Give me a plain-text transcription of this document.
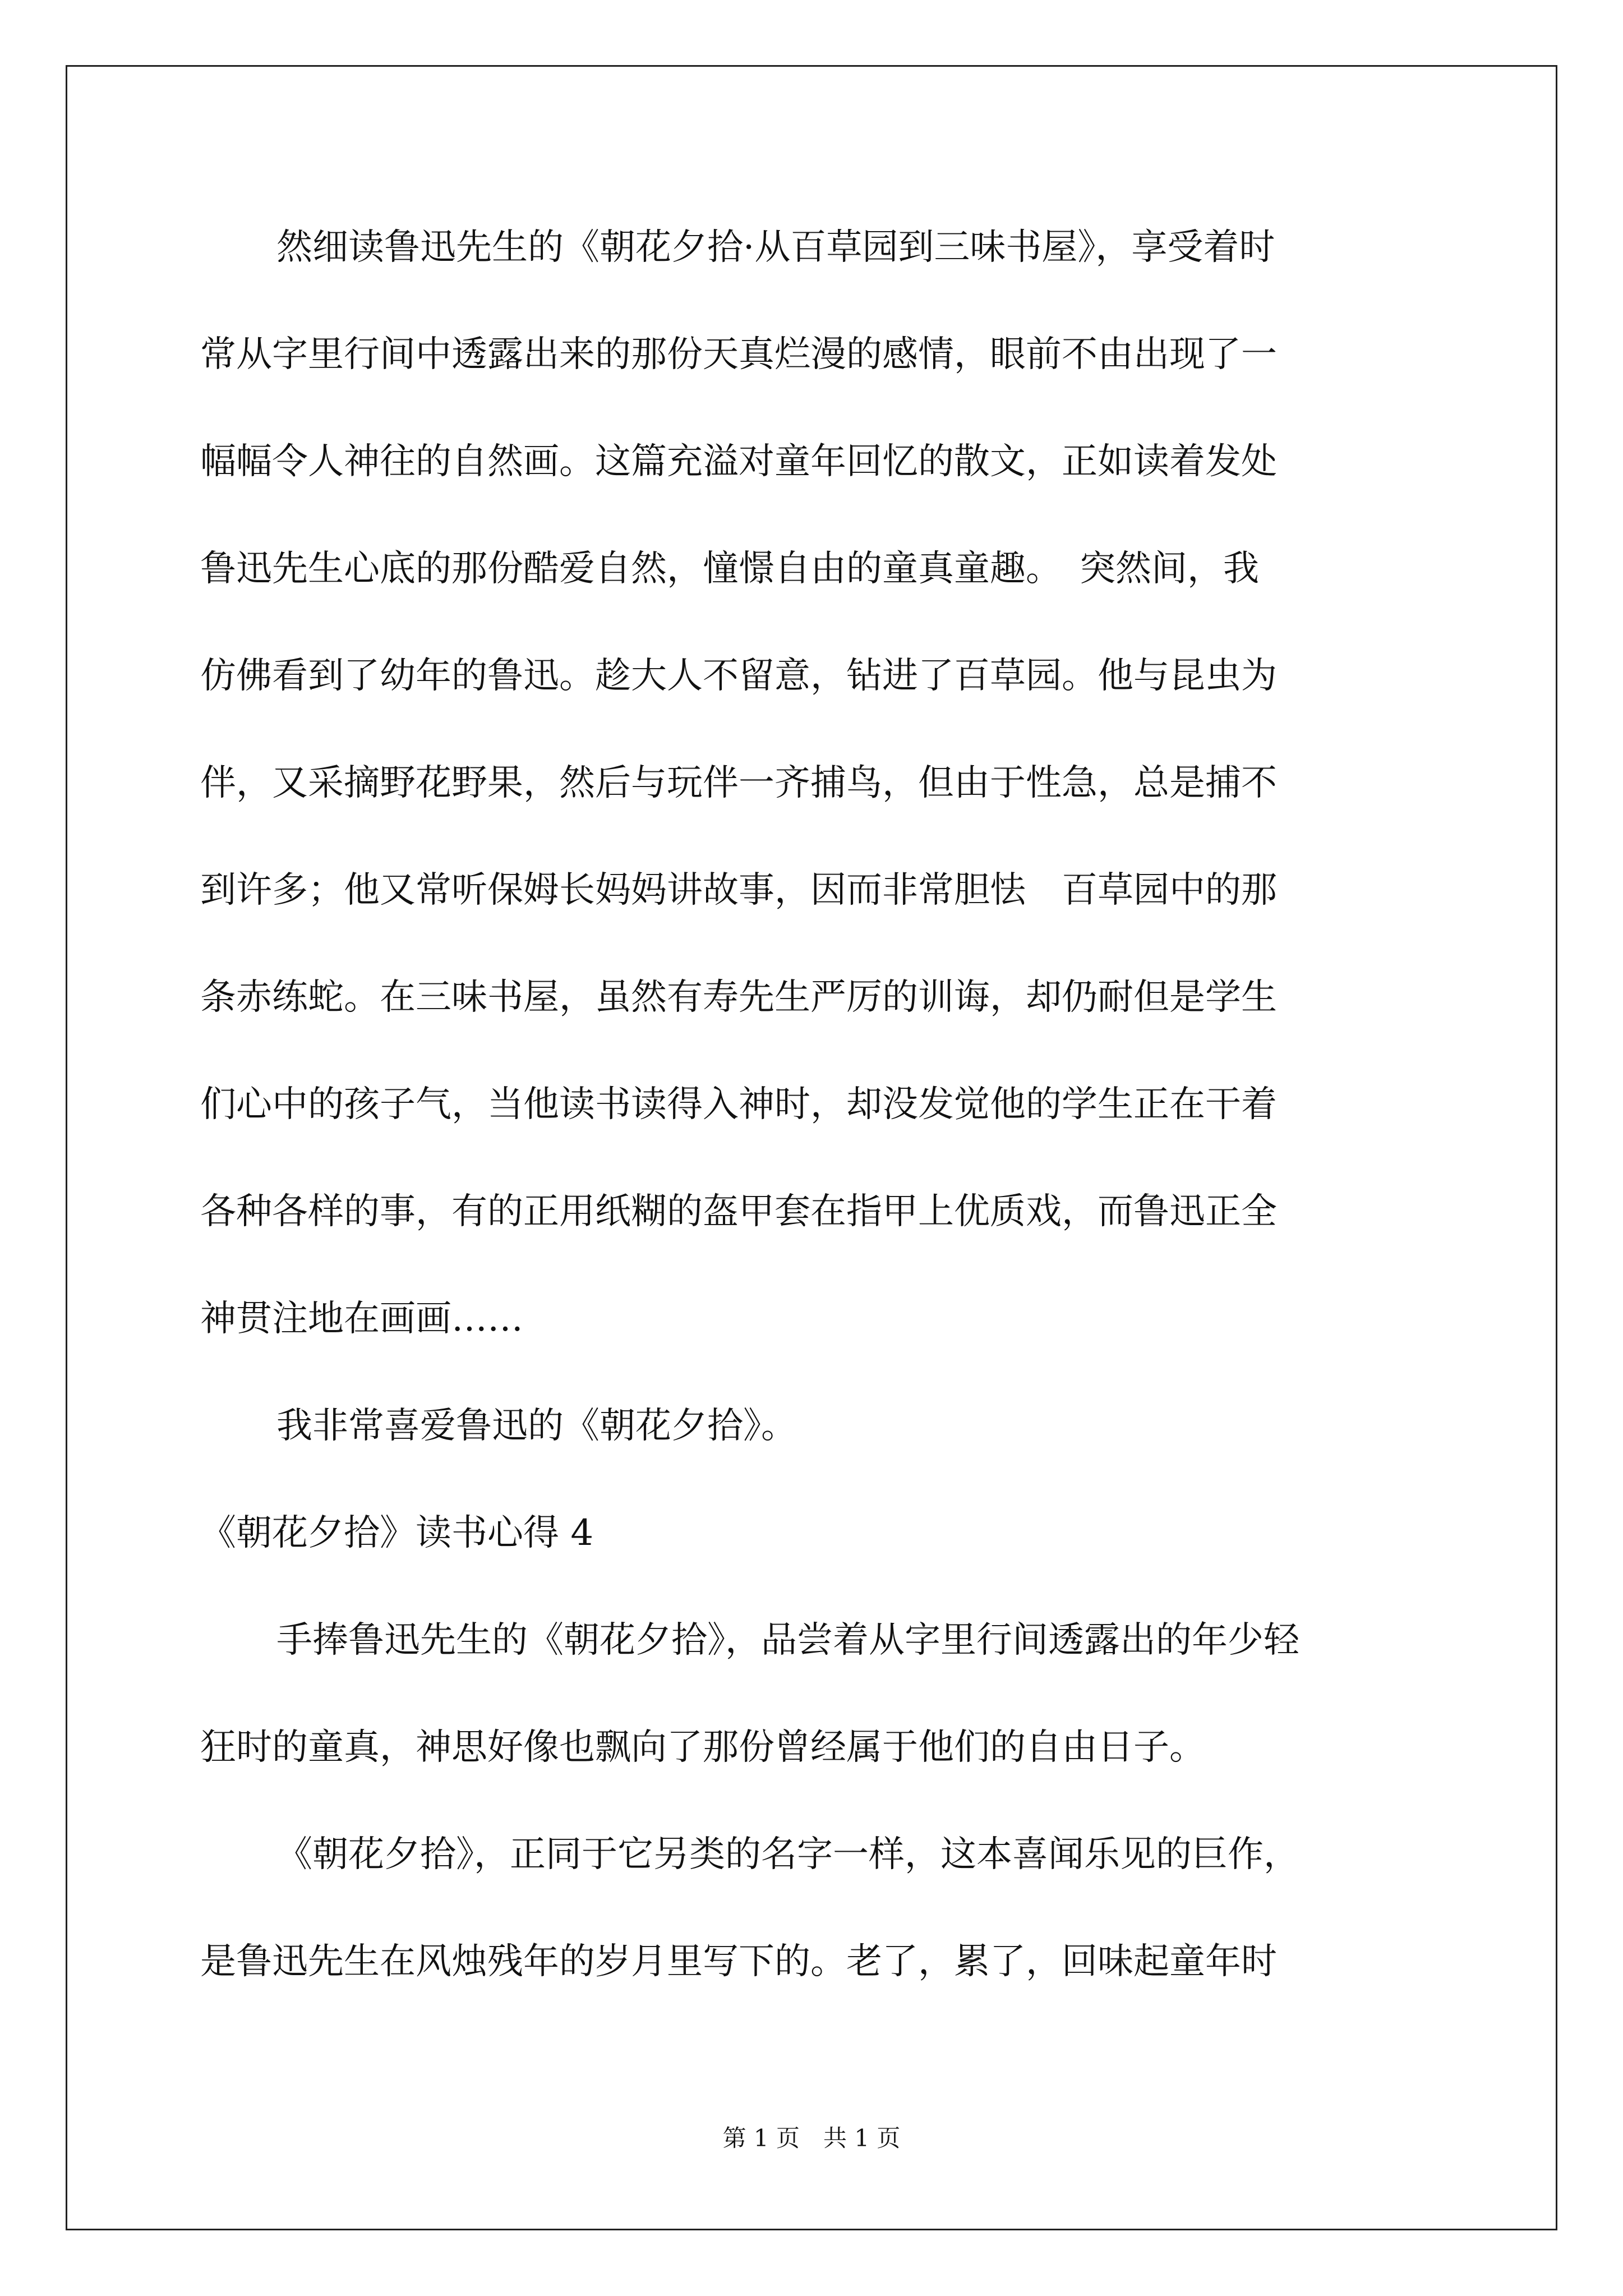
然细读鲁迅先生的《朝花夕拾·从百草园到三味书屋》，享受着时
常从字里行间中透露出来的那份天真烂漫的感情，眼前不由出现了一
幅幅令人神往的自然画。这篇充溢对童年回忆的散文，正如读着发处
鲁迅先生心底的那份酷爱自然，憧憬自由的童真童趣。　突然间，我
仿佛看到了幼年的鲁迅。趁大人不留意，钻进了百草园。他与昆虫为
伴，又采摘野花野果，然后与玩伴一齐捕鸟，但由于性急，总是捕不
到许多；他又常听保姆长妈妈讲故事，因而非常胆怯　百草园中的那
条赤练蛇。在三味书屋，虽然有寿先生严厉的训诲，却仍耐但是学生
们心中的孩子气，当他读书读得入神时，却没发觉他的学生正在干着
各种各样的事，有的正用纸糊的盔甲套在指甲上优质戏，而鲁迅正全
神贯注地在画画……
我非常喜爱鲁迅的《朝花夕拾》。
《朝花夕拾》读书心得 4
手捧鲁迅先生的《朝花夕拾》，品尝着从字里行间透露出的年少轻
狂时的童真，神思好像也飘向了那份曾经属于他们的自由日子。
《朝花夕拾》，正同于它另类的名字一样，这本喜闻乐见的巨作，
是鲁迅先生在风烛残年的岁月里写下的。老了，累了，回味起童年时
第 1 页　共 1 页
